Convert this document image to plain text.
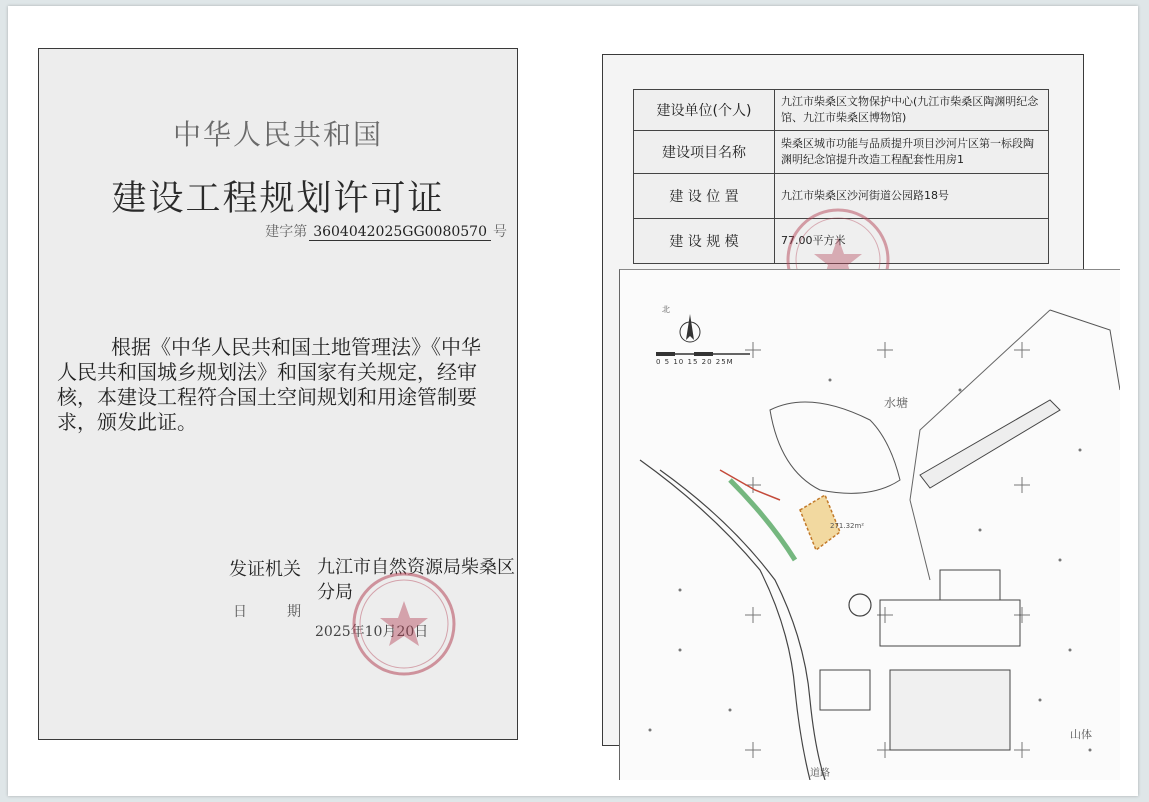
中华人民共和国
建设工程规划许可证
建字第 3604042025GG0080570 号
根据《中华人民共和国土地管理法》《中华人民共和国城乡规划法》和国家有关规定，经审核，本建设工程符合国土空间规划和用途管制要求，颁发此证。
发证机关 九江市自然资源局柴桑区分局
日期
2025年10月20日
建设单位(个人)	九江市柴桑区文物保护中心(九江市柴桑区陶渊明纪念馆、九江市柴桑区博物馆)
建设项目名称	柴桑区城市功能与品质提升项目沙河片区第一标段陶渊明纪念馆提升改造工程配套性用房1
建 设 位 置	九江市柴桑区沙河街道公园路18号
建 设 规 模	77.00平方米
0 5 10 15 20 25M
北
水塘
道路
山体
271.32m²
